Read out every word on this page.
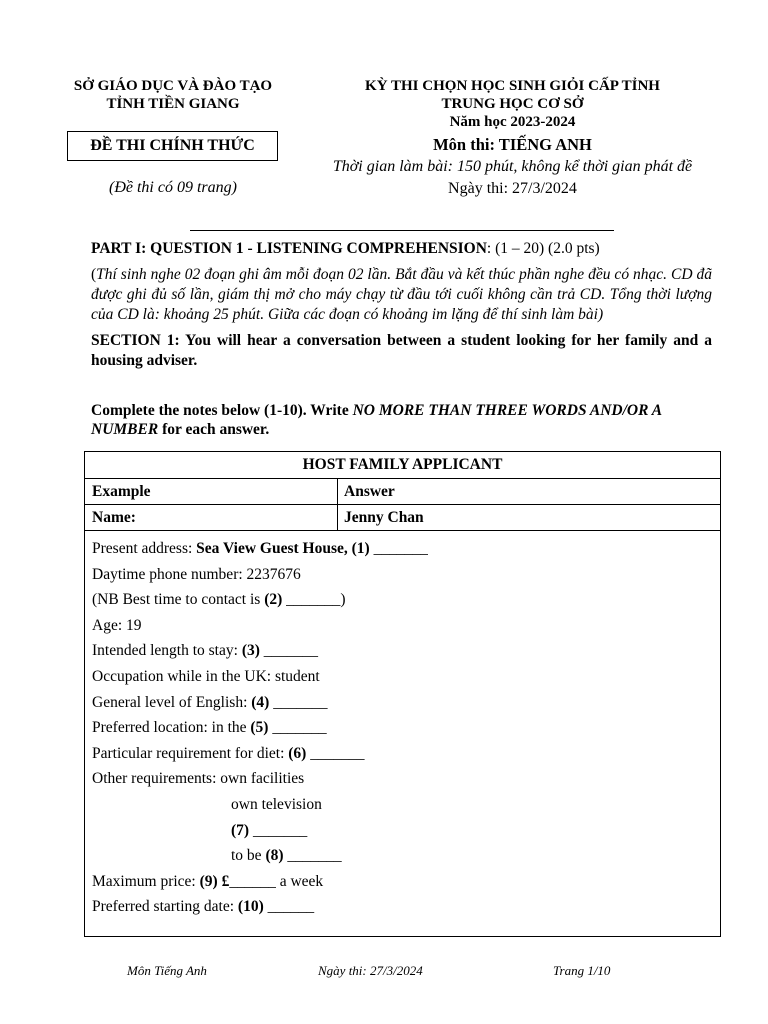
SỞ GIÁO DỤC VÀ ĐÀO TẠO
TỈNH TIỀN GIANG
KỲ THI CHỌN HỌC SINH GIỎI CẤP TỈNH
TRUNG HỌC CƠ SỞ
Năm học 2023-2024
Môn thi: TIẾNG ANH
Thời gian làm bài: 150 phút, không kể thời gian phát đề
Ngày thi: 27/3/2024
ĐỀ THI CHÍNH THỨC
(Đề thi có 09 trang)

PART I: QUESTION 1 - LISTENING COMPREHENSION: (1 – 20) (2.0 pts)

(Thí sinh nghe 02 đoạn ghi âm mỗi đoạn 02 lần. Bắt đầu và kết thúc phần nghe đều có nhạc. CD đã được ghi đủ số lần, giám thị mở cho máy chạy từ đầu tới cuối không cần trả CD. Tổng thời lượng của CD là: khoảng 25 phút. Giữa các đoạn có khoảng im lặng để thí sinh làm bài)

SECTION 1: You will hear a conversation between a student looking for her family and a housing adviser.

Complete the notes below (1-10). Write NO MORE THAN THREE WORDS AND/OR A NUMBER for each answer.

HOST FAMILY APPLICANT
Example	Answer
Name:	Jenny Chan
Present address: Sea View Guest House, (1) _______
Daytime phone number: 2237676
(NB Best time to contact is (2) _______)
Age: 19
Intended length to stay: (3) _______
Occupation while in the UK: student
General level of English: (4) _______
Preferred location: in the (5) _______
Particular requirement for diet: (6) _______
Other requirements: own facilities
own television
(7) _______
to be (8) _______
Maximum price: (9) £______ a week
Preferred starting date: (10) ______
Môn Tiếng Anh	Ngày thi: 27/3/2024	Trang 1/10
